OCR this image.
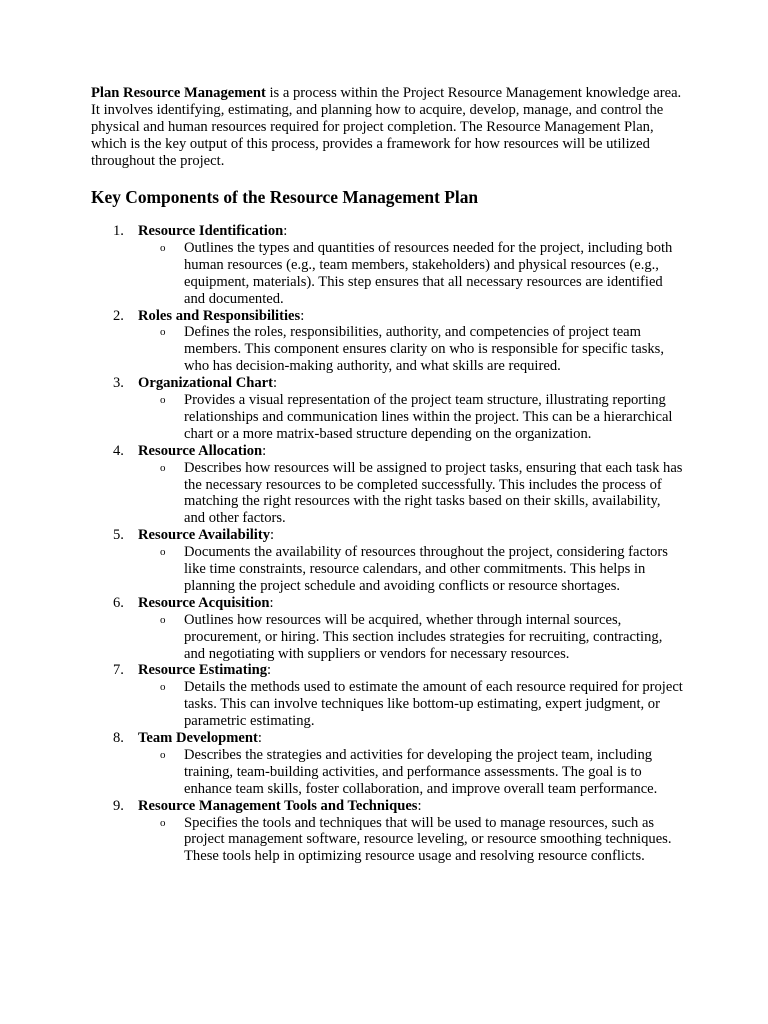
Plan Resource Management is a process within the Project Resource Management knowledge area. It involves identifying, estimating, and planning how to acquire, develop, manage, and control the physical and human resources required for project completion. The Resource Management Plan, which is the key output of this process, provides a framework for how resources will be utilized throughout the project.

Key Components of the Resource Management Plan
1. Resource Identification:
o Outlines the types and quantities of resources needed for the project, including both human resources (e.g., team members, stakeholders) and physical resources (e.g., equipment, materials). This step ensures that all necessary resources are identified and documented.

2. Roles and Responsibilities:
o Defines the roles, responsibilities, authority, and competencies of project team members. This component ensures clarity on who is responsible for specific tasks, who has decision-making authority, and what skills are required.

3. Organizational Chart:
o Provides a visual representation of the project team structure, illustrating reporting relationships and communication lines within the project. This can be a hierarchical chart or a more matrix-based structure depending on the organization.

4. Resource Allocation:
o Describes how resources will be assigned to project tasks, ensuring that each task has the necessary resources to be completed successfully. This includes the process of matching the right resources with the right tasks based on their skills, availability, and other factors.

5. Resource Availability:
o Documents the availability of resources throughout the project, considering factors like time constraints, resource calendars, and other commitments. This helps in planning the project schedule and avoiding conflicts or resource shortages.

6. Resource Acquisition:
o Outlines how resources will be acquired, whether through internal sources, procurement, or hiring. This section includes strategies for recruiting, contracting, and negotiating with suppliers or vendors for necessary resources.

7. Resource Estimating:
o Details the methods used to estimate the amount of each resource required for project tasks. This can involve techniques like bottom-up estimating, expert judgment, or parametric estimating.

8. Team Development:
o Describes the strategies and activities for developing the project team, including training, team-building activities, and performance assessments. The goal is to enhance team skills, foster collaboration, and improve overall team performance.

9. Resource Management Tools and Techniques:
o Specifies the tools and techniques that will be used to manage resources, such as project management software, resource leveling, or resource smoothing techniques. These tools help in optimizing resource usage and resolving resource conflicts.
